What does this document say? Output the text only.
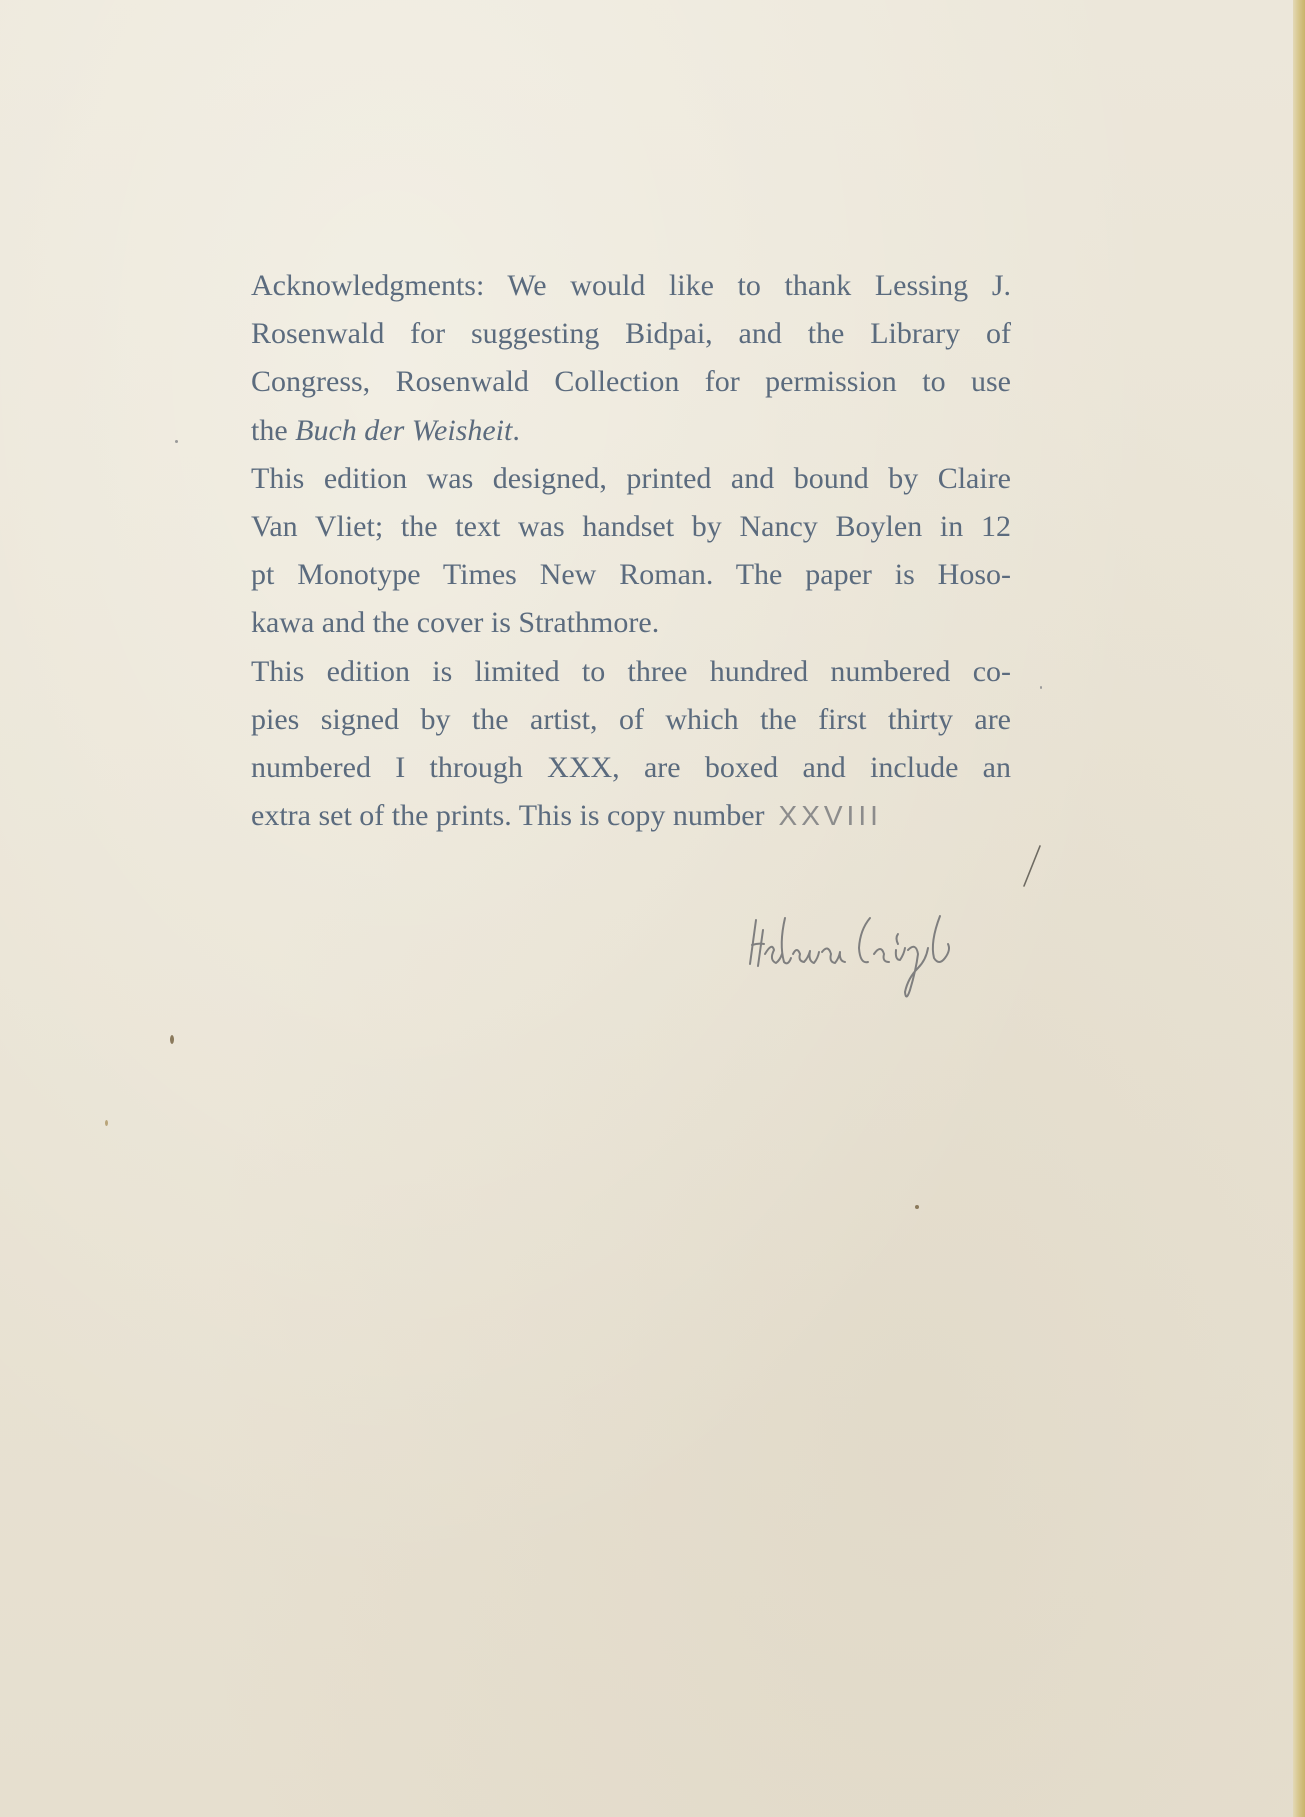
Acknowledgments: We would like to thank Lessing J.
Rosenwald for suggesting Bidpai, and the Library of
Congress, Rosenwald Collection for permission to use
the Buch der Weisheit.

This edition was designed, printed and bound by Claire
Van Vliet; the text was handset by Nancy Boylen in 12
pt Monotype Times New Roman. The paper is Hoso-
kawa and the cover is Strathmore.

This edition is limited to three hundred numbered co-
pies signed by the artist, of which the first thirty are
numbered I through XXX, are boxed and include an
extra set of the prints. This is copy number XXVIII
